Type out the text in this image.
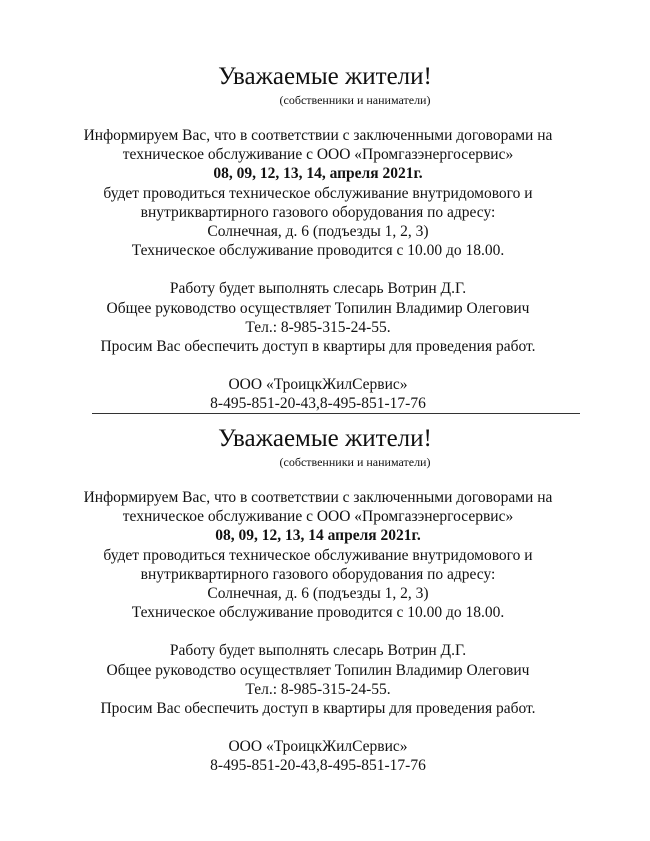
Уважаемые жители!
(собственники и наниматели)
Информируем Вас, что в соответствии с заключенными договорами на
техническое обслуживание с ООО «Промгазэнергосервис»
08, 09, 12, 13, 14, апреля 2021г.
будет проводиться техническое обслуживание внутридомового и
внутриквартирного газового оборудования по адресу:
Солнечная, д. 6 (подъезды 1, 2, 3)
Техническое обслуживание проводится с 10.00 до 18.00.
Работу будет выполнять слесарь Вотрин Д.Г.
Общее руководство осуществляет Топилин Владимир Олегович
Тел.: 8-985-315-24-55.
Просим Вас обеспечить доступ в квартиры для проведения работ.
ООО «ТроицкЖилСервис»
8-495-851-20-43,8-495-851-17-76
Уважаемые жители!
(собственники и наниматели)
Информируем Вас, что в соответствии с заключенными договорами на
техническое обслуживание с ООО «Промгазэнергосервис»
08, 09, 12, 13, 14 апреля 2021г.
будет проводиться техническое обслуживание внутридомового и
внутриквартирного газового оборудования по адресу:
Солнечная, д. 6 (подъезды 1, 2, 3)
Техническое обслуживание проводится с 10.00 до 18.00.
Работу будет выполнять слесарь Вотрин Д.Г.
Общее руководство осуществляет Топилин Владимир Олегович
Тел.: 8-985-315-24-55.
Просим Вас обеспечить доступ в квартиры для проведения работ.
ООО «ТроицкЖилСервис»
8-495-851-20-43,8-495-851-17-76
